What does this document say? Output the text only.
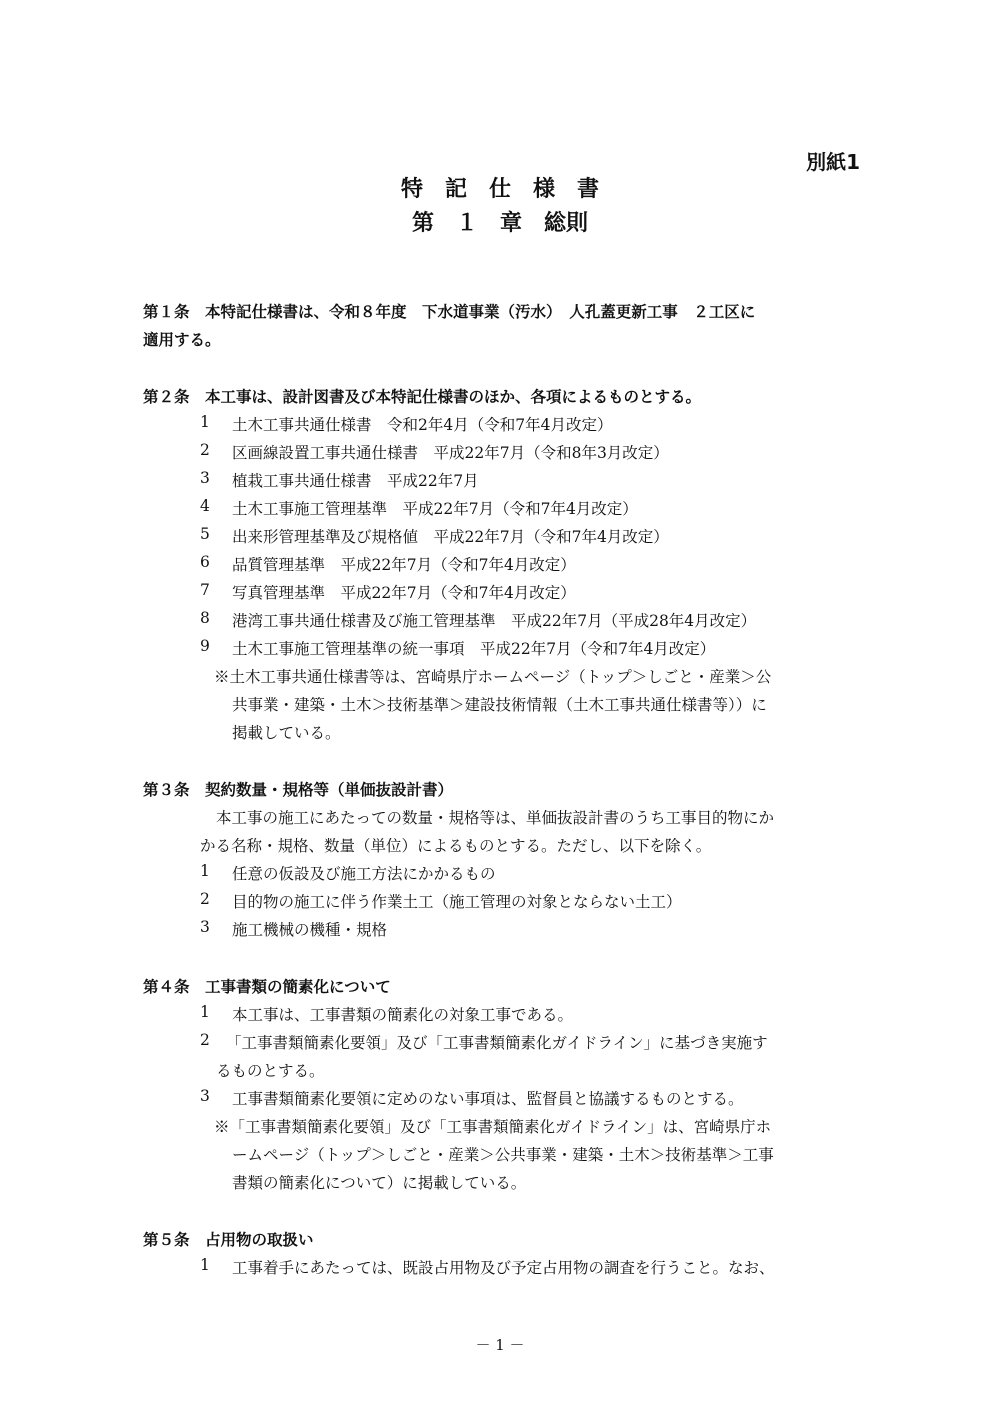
別紙1
特　記　仕　様　書
第　１　章　総則
第１条　本特記仕様書は、令和８年度　下水道事業（汚水）　人孔蓋更新工事　２工区に
適用する。
第２条　本工事は、設計図書及び本特記仕様書のほか、各項によるものとする。
1 土木工事共通仕様書　令和2年4月（令和7年4月改定）
2 区画線設置工事共通仕様書　平成22年7月（令和8年3月改定）
3 植栽工事共通仕様書　平成22年7月
4 土木工事施工管理基準　平成22年7月（令和7年4月改定）
5 出来形管理基準及び規格値　平成22年7月（令和7年4月改定）
6 品質管理基準　平成22年7月（令和7年4月改定）
7 写真管理基準　平成22年7月（令和7年4月改定）
8 港湾工事共通仕様書及び施工管理基準　平成22年7月（平成28年4月改定）
9 土木工事施工管理基準の統一事項　平成22年7月（令和7年4月改定）
※土木工事共通仕様書等は、宮崎県庁ホームページ（トップ＞しごと・産業＞公
共事業・建築・土木＞技術基準＞建設技術情報（土木工事共通仕様書等））に
掲載している。
第３条　契約数量・規格等（単価抜設計書）
本工事の施工にあたっての数量・規格等は、単価抜設計書のうち工事目的物にか
かる名称・規格、数量（単位）によるものとする。ただし、以下を除く。
1 任意の仮設及び施工方法にかかるもの
2 目的物の施工に伴う作業土工（施工管理の対象とならない土工）
3 施工機械の機種・規格
第４条　工事書類の簡素化について
1 本工事は、工事書類の簡素化の対象工事である。
2 「工事書類簡素化要領」及び「工事書類簡素化ガイドライン」に基づき実施す
るものとする。
3 工事書類簡素化要領に定めのない事項は、監督員と協議するものとする。
※「工事書類簡素化要領」及び「工事書類簡素化ガイドライン」は、宮崎県庁ホ
ームページ（トップ＞しごと・産業＞公共事業・建築・土木＞技術基準＞工事
書類の簡素化について）に掲載している。
第５条　占用物の取扱い
1 工事着手にあたっては、既設占用物及び予定占用物の調査を行うこと。なお、
－ 1 －
